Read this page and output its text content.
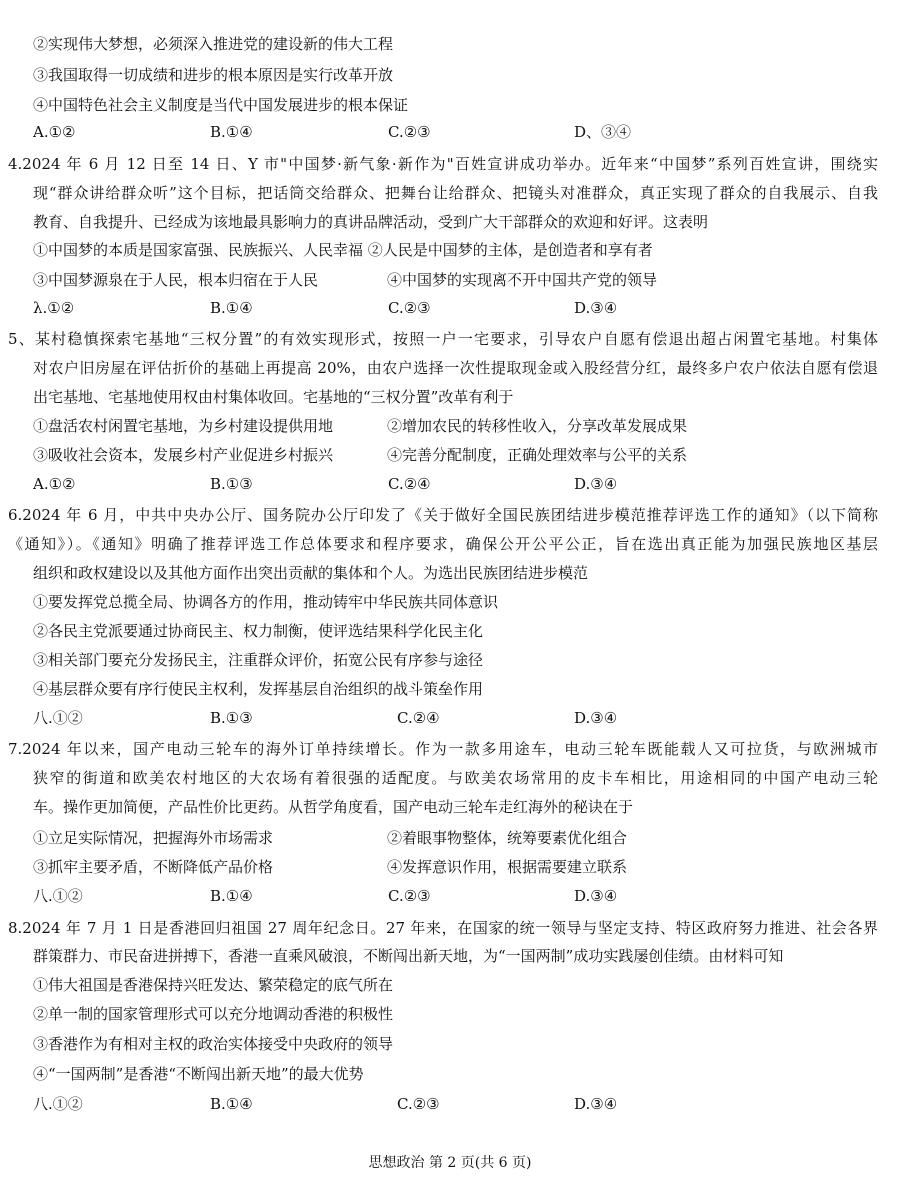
②实现伟大梦想，必须深入推进党的建设新的伟大工程
③我国取得一切成绩和进步的根本原因是实行改革开放
④中国特色社会主义制度是当代中国发展进步的根本保证
A.①②	B.①④	C.②③	D、③④
4.2024 年 6 月 12 日至 14 日、Y 市"中国梦·新气象·新作为"百姓宣讲成功举办。近年来“中国梦”系列百姓宣讲，围绕实
现“群众讲给群众听”这个目标，把话筒交给群众、把舞台让给群众、把镜头对准群众，真正实现了群众的自我展示、自我
教育、自我提升、已经成为该地最具影响力的真讲品牌活动，受到广大干部群众的欢迎和好评。这表明
①中国梦的本质是国家富强、民族振兴、人民幸福 ②人民是中国梦的主体，是创造者和享有者
③中国梦源泉在于人民，根本归宿在于人民	④中国梦的实现离不开中国共产党的领导
λ.①②	B.①④	C.②③	D.③④
5、某村稳慎探索宅基地“三权分置”的有效实现形式，按照一户一宅要求，引导农户自愿有偿退出超占闲置宅基地。村集体
对农户旧房屋在评估折价的基础上再提高 20%，由农户选择一次性提取现金或入股经营分红，最终多户农户依法自愿有偿退
出宅基地、宅基地使用权由村集体收回。宅基地的“三权分置”改革有利于
①盘活农村闲置宅基地，为乡村建设提供用地	②增加农民的转移性收入，分享改革发展成果
③吸收社会资本，发展乡村产业促进乡村振兴	④完善分配制度，正确处理效率与公平的关系
A.①②	B.①③	C.②④	D.③④
6.2024 年 6 月，中共中央办公厅、国务院办公厅印发了《关于做好全国民族团结进步模范推荐评选工作的通知》（以下简称
《通知》）。《通知》明确了推荐评选工作总体要求和程序要求，确保公开公平公正，旨在选出真正能为加强民族地区基层
组织和政权建设以及其他方面作出突出贡献的集体和个人。为选出民族团结进步模范
①要发挥党总揽全局、协调各方的作用，推动铸牢中华民族共同体意识
②各民主党派要通过协商民主、权力制衡，使评选结果科学化民主化
③相关部门要充分发扬民主，注重群众评价，拓宽公民有序参与途径
④基层群众要有序行使民主权利，发挥基层自治组织的战斗策垒作用
八.①②	B.①③	C.②④	D.③④
7.2024 年以来，国产电动三轮车的海外订单持续增长。作为一款多用途车，电动三轮车既能载人又可拉货，与欧洲城市
狭窄的街道和欧美农村地区的大农场有着很强的适配度。与欧美农场常用的皮卡车相比，用途相同的中国产电动三轮
车。操作更加简便，产品性价比更药。从哲学角度看，国产电动三轮车走红海外的秘诀在于
①立足实际情况，把握海外市场需求	②着眼事物整体，统筹要素优化组合
③抓牢主要矛盾，不断降低产品价格	④发挥意识作用，根据需要建立联系
八.①②	B.①④	C.②③	D.③④
8.2024 年 7 月 1 日是香港回归祖国 27 周年纪念日。27 年来，在国家的统一领导与坚定支持、特区政府努力推进、社会各界
群策群力、市民奋进拼搏下，香港一直乘风破浪，不断闯出新天地，为“一国两制”成功实践屡创佳绩。由材料可知
①伟大祖国是香港保持兴旺发达、繁荣稳定的底气所在
②单一制的国家管理形式可以充分地调动香港的积极性
③香港作为有相对主权的政治实体接受中央政府的领导
④“一国两制”是香港“不断闯出新天地”的最大优势
八.①②	B.①④	C.②③	D.③④
思想政治 第 2 页(共 6 页)
